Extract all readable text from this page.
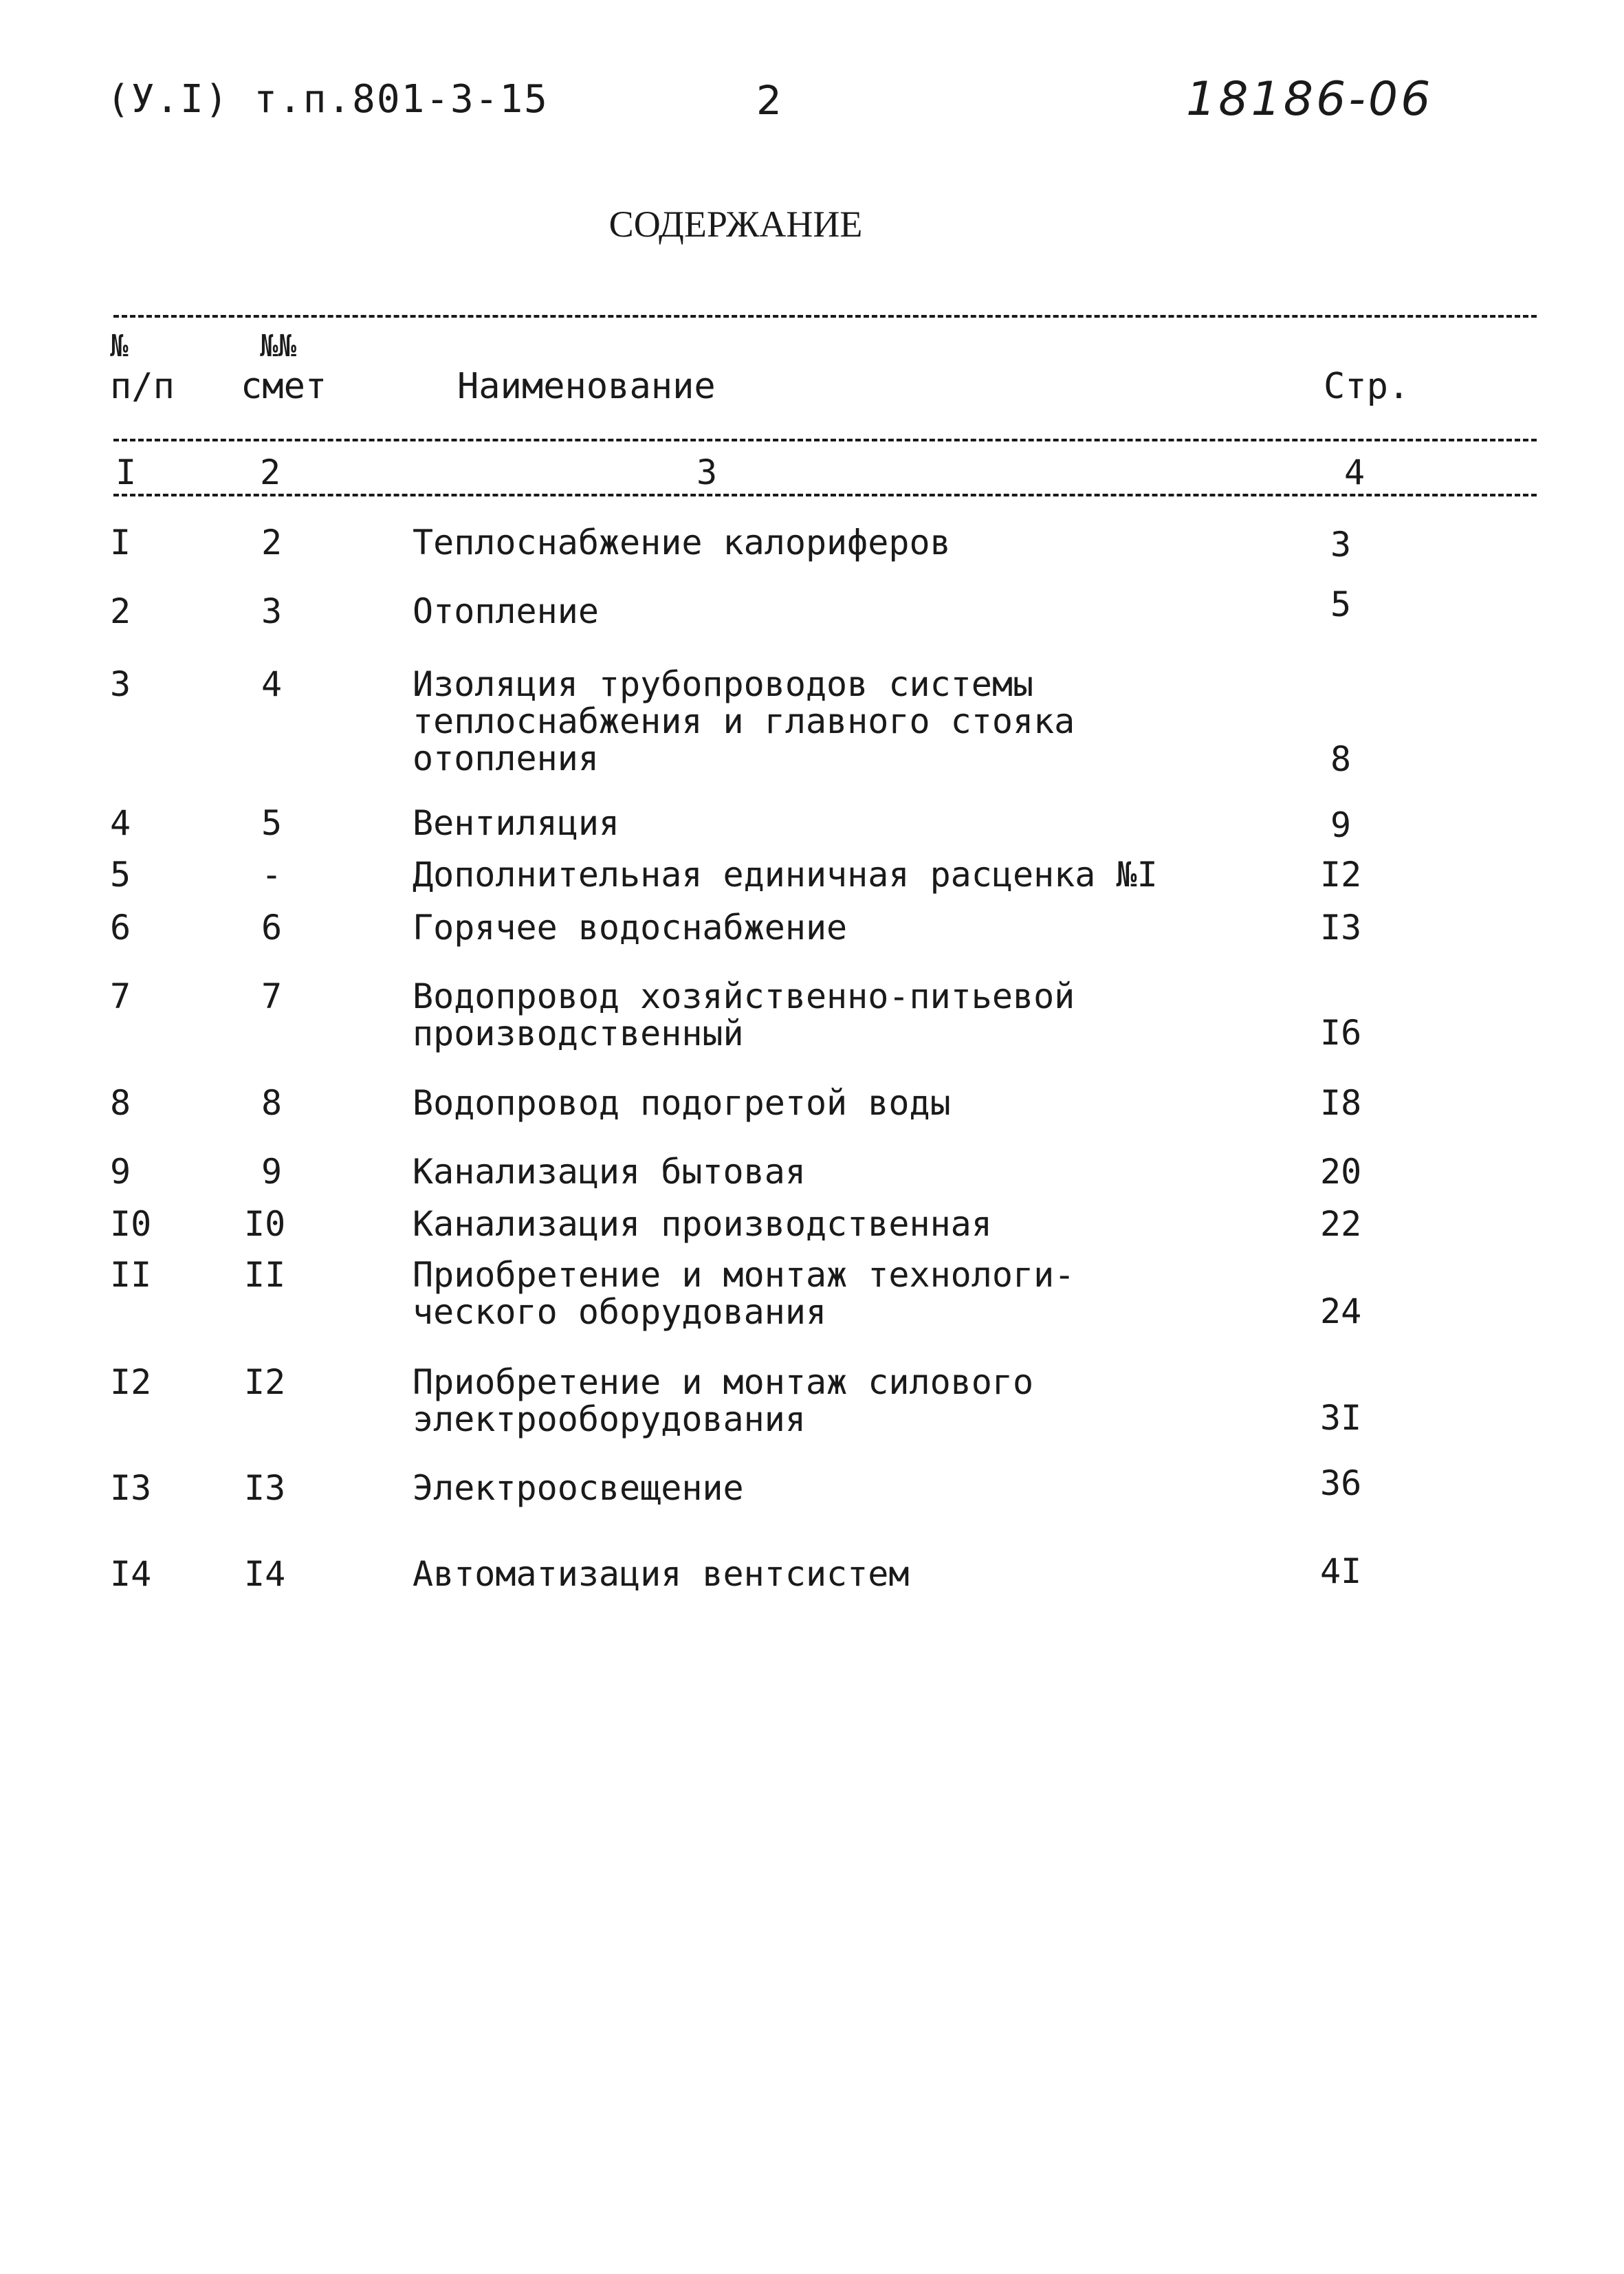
(У.I) т.п.801-3-15	2	18186-06
СОДЕРЖАНИЕ
№
п/п
№№
смет	Наименование	Стр.
I	2	3	4
I	2	Теплоснабжение калориферов	3
2	3	Отопление	5
3	4	Изоляция трубопроводов системы
теплоснабжения и главного стояка
отопления	8
4	5	Вентиляция	9
5	-	Дополнительная единичная расценка №I	I2
6	6	Горячее водоснабжение	I3
7	7	Водопровод хозяйственно-питьевой
производственный	I6
8	8	Водопровод подогретой воды	I8
9	9	Канализация бытовая	20
I0	I0	Канализация производственная	22
II	II	Приобретение и монтаж технологи-
ческого оборудования	24
I2	I2	Приобретение и монтаж силового
электрооборудования	3I
I3	I3	Электроосвещение	36
I4	I4	Автоматизация вентсистем	4I
